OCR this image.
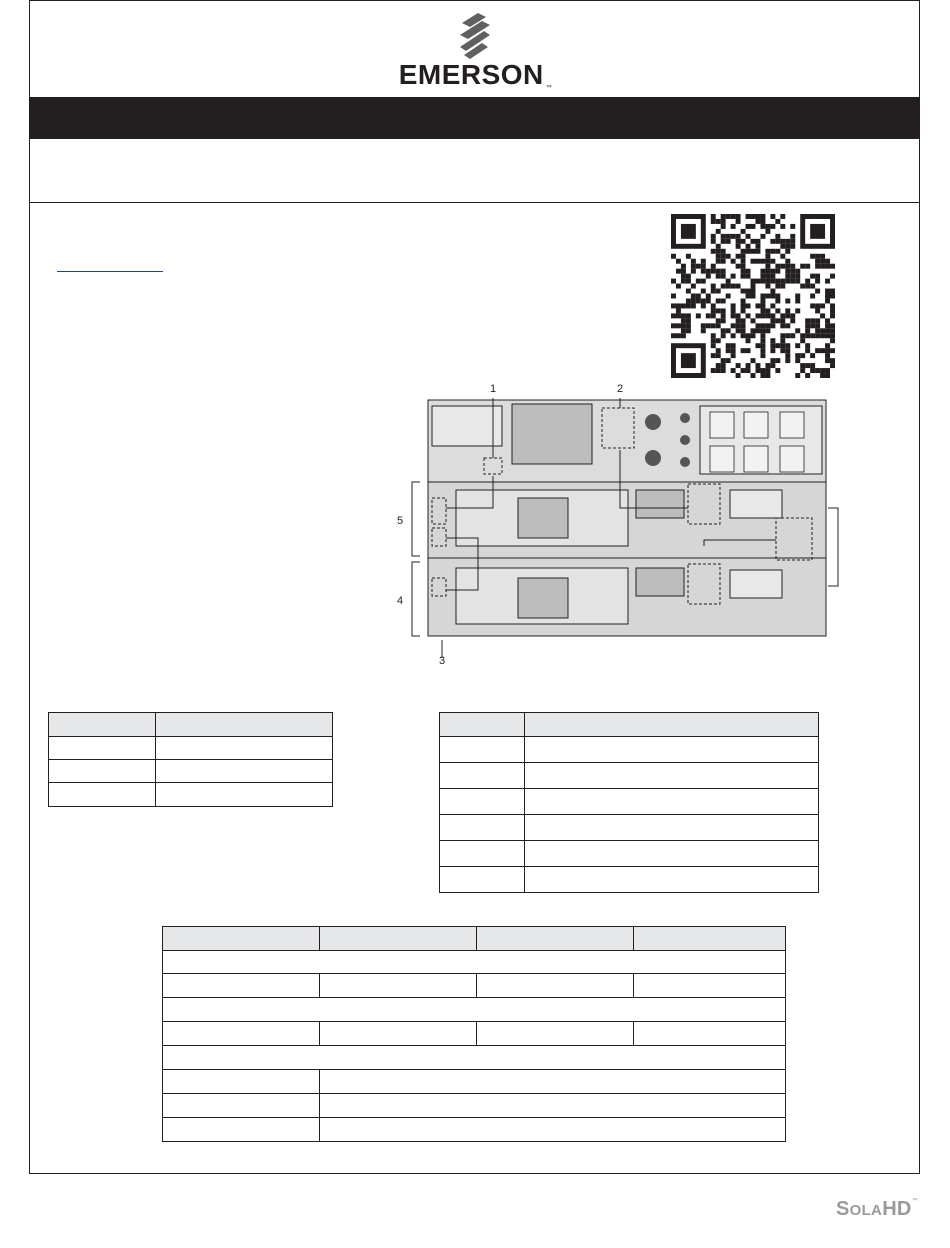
EMERSON ™
1	2
3
4
5

SOLAHD™
